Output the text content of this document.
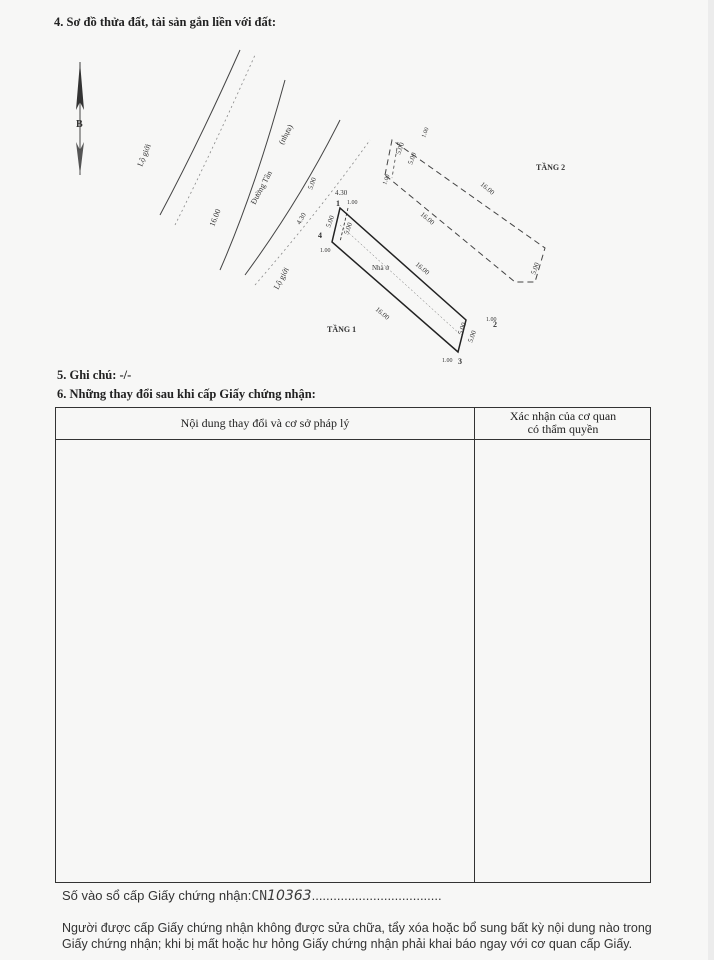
4. Sơ đồ thửa đất, tài sản gắn liền với đất:
B
Lộ giới
Đường Tân
(nhựa)
16.00
Lộ giới	Nhà ở
16.00
16.00
5.00
5.00
5.00
5.00
1.00
1.00
1.00
1.00
4.30
4.30
5.00
4
2
3
1
16.00
16.00
5.00
5.00
5.00
1.00
1.00
TẦNG 2
TẦNG 1
5. Ghi chú: -/-
6. Những thay đổi sau khi cấp Giấy chứng nhận:
Nội dung thay đổi và cơ sở pháp lý	Xác nhận của cơ quan
có thẩm quyền
Số vào sổ cấp Giấy chứng nhận:CN10363....................................
Người được cấp Giấy chứng nhận không được sửa chữa, tẩy xóa hoặc bổ sung bất kỳ nội dung nào trong
Giấy chứng nhận; khi bị mất hoặc hư hỏng Giấy chứng nhận phải khai báo ngay với cơ quan cấp Giấy.
